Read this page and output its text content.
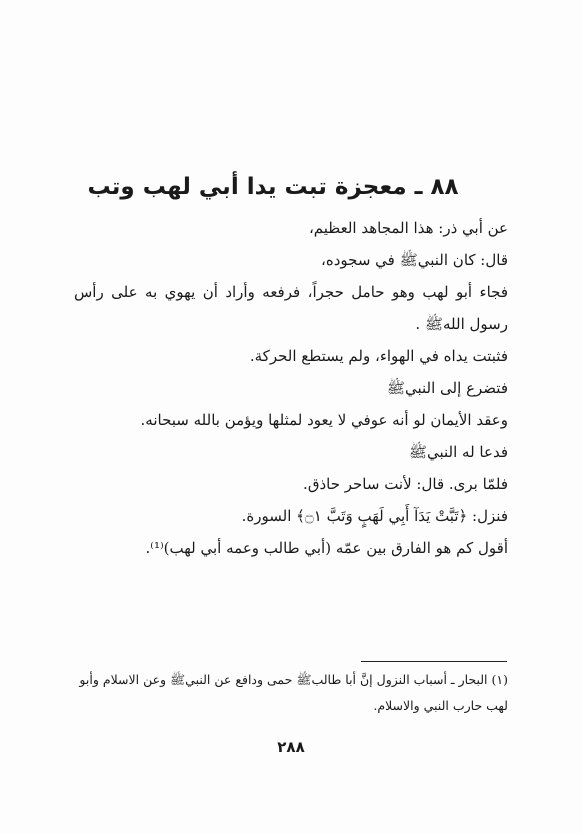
٨٨ ـ معجزة تبت يدا أبي لهب وتب

عن أبي ذر: هذا المجاهد العظيم،

قال: كان النبيﷺ في سجوده،

فجاء أبو لهب وهو حامل حجراً، فرفعه وأراد أن يهوي به على رأس رسول اللهﷺ .

فثبتت يداه في الهواء، ولم يستطع الحركة.

فتضرع إلى النبيﷺ

وعقد الأيمان لو أنه عوفي لا يعود لمثلها ويؤمن بالله سبحانه.

فدعا له النبيﷺ

فلمّا برى. قال: لأنت ساحر حاذق.

فنزل: ﴿تَبَّتْ يَدَآ أَبِي لَهَبٍ وَتَبَّ ۝١﴾ السورة.

أقول كم هو الفارق بين عمّه (أبي طالب وعمه أبي لهب)⁽¹⁾.

(١) البحار ـ أسباب النزول إنَّ أبا طالبﷺ حمى ودافع عن النبيﷺ وعن الاسلام وأبو
لهب حارب النبي والاسلام.
٢٨٨
